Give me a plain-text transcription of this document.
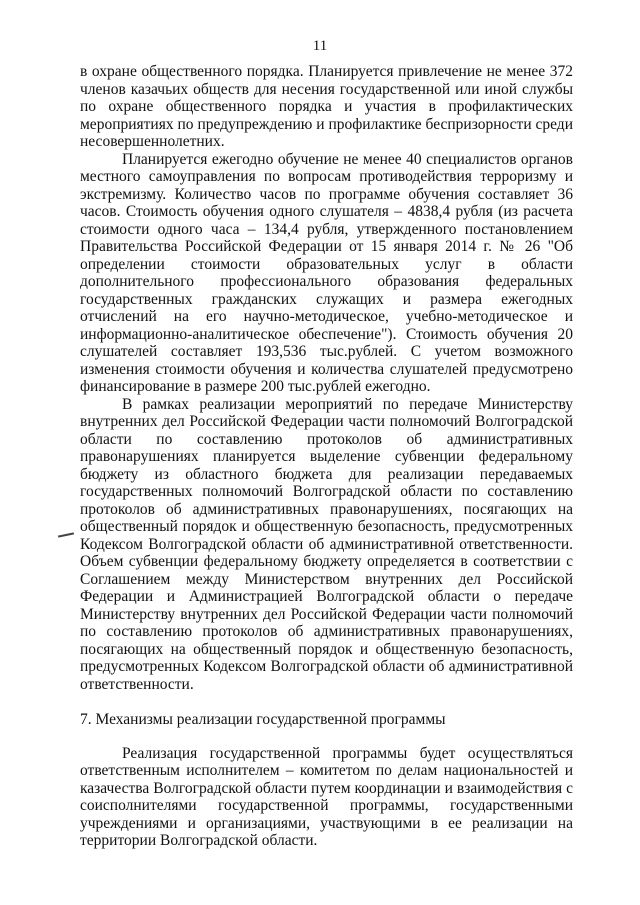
11

в охране общественного порядка. Планируется привлечение не менее 372 членов казачьих обществ для несения государственной или иной службы по охране общественного порядка и участия в профилактических мероприятиях по предупреждению и профилактике беспризорности среди несовершеннолетних.

Планируется ежегодно обучение не менее 40 специалистов органов местного самоуправления по вопросам противодействия терроризму и экстремизму. Количество часов по программе обучения составляет 36 часов. Стоимость обучения одного слушателя – 4838,4 рубля (из расчета стоимости одного часа – 134,4 рубля, утвержденного постановлением Правительства Российской Федерации от 15 января 2014 г. № 26 "Об определении стоимости образовательных услуг в области дополнительного профессионального образования федеральных государственных гражданских служащих и размера ежегодных отчислений на его научно-методическое, учебно-методическое и информационно-аналитическое обеспечение"). Стоимость обучения 20 слушателей составляет 193,536 тыс.рублей. С учетом возможного изменения стоимости обучения и количества слушателей предусмотрено финансирование в размере 200 тыс.рублей ежегодно.

В рамках реализации мероприятий по передаче Министерству внутренних дел Российской Федерации части полномочий Волгоградской области по составлению протоколов об административных правонарушениях планируется выделение субвенции федеральному бюджету из областного бюджета для реализации передаваемых государственных полномочий Волгоградской области по составлению протоколов об административных правонарушениях, посягающих на общественный порядок и общественную безопасность, предусмотренных Кодексом Волгоградской области об административной ответственности. Объем субвенции федеральному бюджету определяется в соответствии с Соглашением между Министерством внутренних дел Российской Федерации и Администрацией Волгоградской области о передаче Министерству внутренних дел Российской Федерации части полномочий по составлению протоколов об административных правонарушениях, посягающих на общественный порядок и общественную безопасность, предусмотренных Кодексом Волгоградской области об административной ответственности.

7. Механизмы реализации государственной программы

Реализация государственной программы будет осуществляться ответственным исполнителем – комитетом по делам национальностей и казачества Волгоградской области путем координации и взаимодействия с соисполнителями государственной программы, государственными учреждениями и организациями, участвующими в ее реализации на территории Волгоградской области.
